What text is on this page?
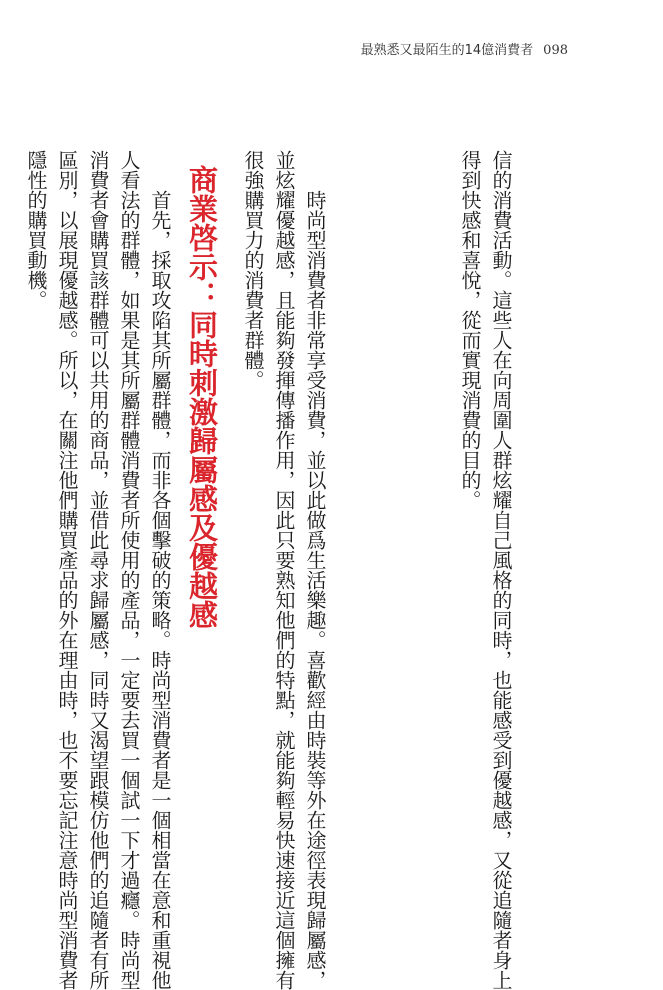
最熟悉又最陌生的14億消費者 098

信的消費活動。這些人在向周圍人群炫耀自己風格的同時，也能感受到優越感，又從追隨者身上
得到快感和喜悅，從而實現消費的目的。

　　時尚型消費者非常享受消費，並以此做爲生活樂趣。喜歡經由時裝等外在途徑表現歸屬感，
並炫耀優越感，且能夠發揮傳播作用，因此只要熟知他們的特點，就能夠輕易快速接近這個擁有
很強購買力的消費者群體。

　　首先，採取攻陷其所屬群體，而非各個擊破的策略。時尚型消費者是一個相當在意和重視他
人看法的群體，如果是其所屬群體消費者所使用的產品，一定要去買一個試一下才過癮。時尚型
消費者會購買該群體可以共用的商品，並借此尋求歸屬感，同時又渴望跟模仿他們的追隨者有所
區別，以展現優越感。所以，在關注他們購買產品的外在理由時，也不要忘記注意時尚型消費者
隱性的購買動機。

	商業啓示：同時刺激歸屬感及優越感
